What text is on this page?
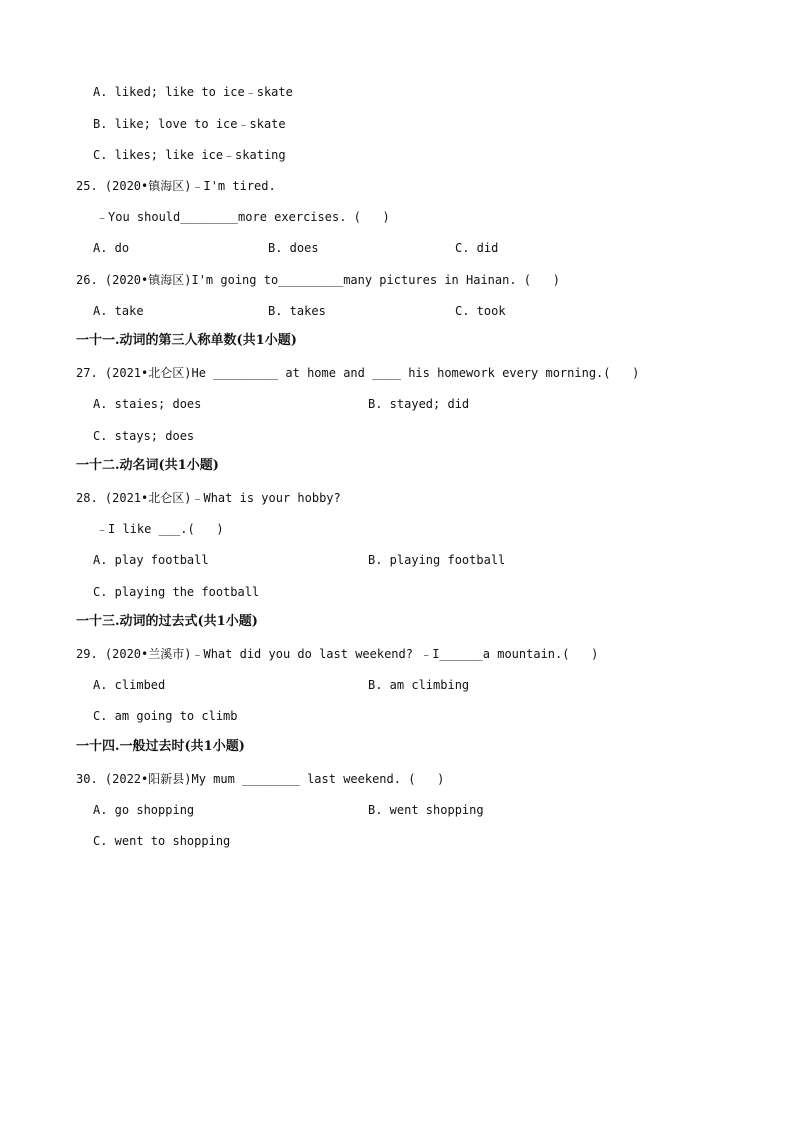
A. liked; like to ice﹣skate
B. like; love to ice﹣skate
C. likes; like ice﹣skating
25. (2020•镇海区)﹣I'm tired.
﹣You should________more exercises. (   )
A. do	B. does	C. did
26. (2020•镇海区)I'm going to_________many pictures in Hainan. (   )
A. take	B. takes	C. took
一十一.动词的第三人称单数(共1小题)
27. (2021•北仑区)He _________ at home and ____ his homework every morning.(   )
A. staies; does	B. stayed; did
C. stays; does
一十二.动名词(共1小题)
28. (2021•北仑区)﹣What is your hobby?
﹣I like ___.(   )
A. play football	B. playing football
C. playing the football
一十三.动词的过去式(共1小题)
29. (2020•兰溪市)﹣What did you do last weekend? ﹣I______a mountain.(   )
A. climbed	B. am climbing
C. am going to climb
一十四.一般过去时(共1小题)
30. (2022•阳新县)My mum ________ last weekend. (   )
A. go shopping	B. went shopping
C. went to shopping
